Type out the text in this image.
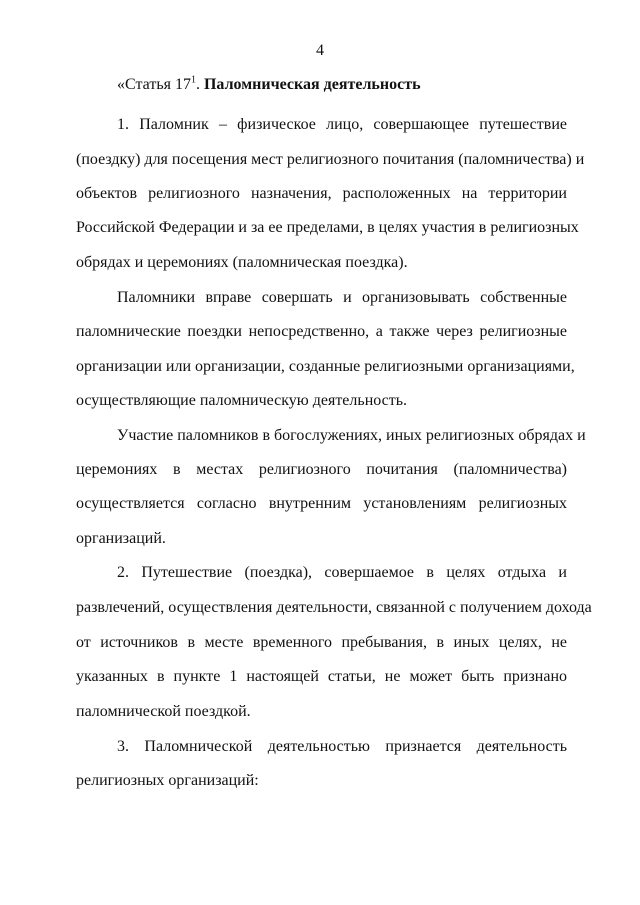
4
«Статья $17^1$. Паломническая деятельность
1. Паломник – физическое лицо, совершающее путешествие
(поездку) для посещения мест религиозного почитания (паломничества) и
объектов религиозного назначения, расположенных на территории
Российской Федерации и за ее пределами, в целях участия в религиозных
обрядах и церемониях (паломническая поездка).
Паломники вправе совершать и организовывать собственные
паломнические поездки непосредственно, а также через религиозные
организации или организации, созданные религиозными организациями,
осуществляющие паломническую деятельность.
Участие паломников в богослужениях, иных религиозных обрядах и
церемониях в местах религиозного почитания (паломничества)
осуществляется согласно внутренним установлениям религиозных
организаций.
2. Путешествие (поездка), совершаемое в целях отдыха и
развлечений, осуществления деятельности, связанной с получением дохода
от источников в месте временного пребывания, в иных целях, не
указанных в пункте 1 настоящей статьи, не может быть признано
паломнической поездкой.
3. Паломнической деятельностью признается деятельность
религиозных организаций:
